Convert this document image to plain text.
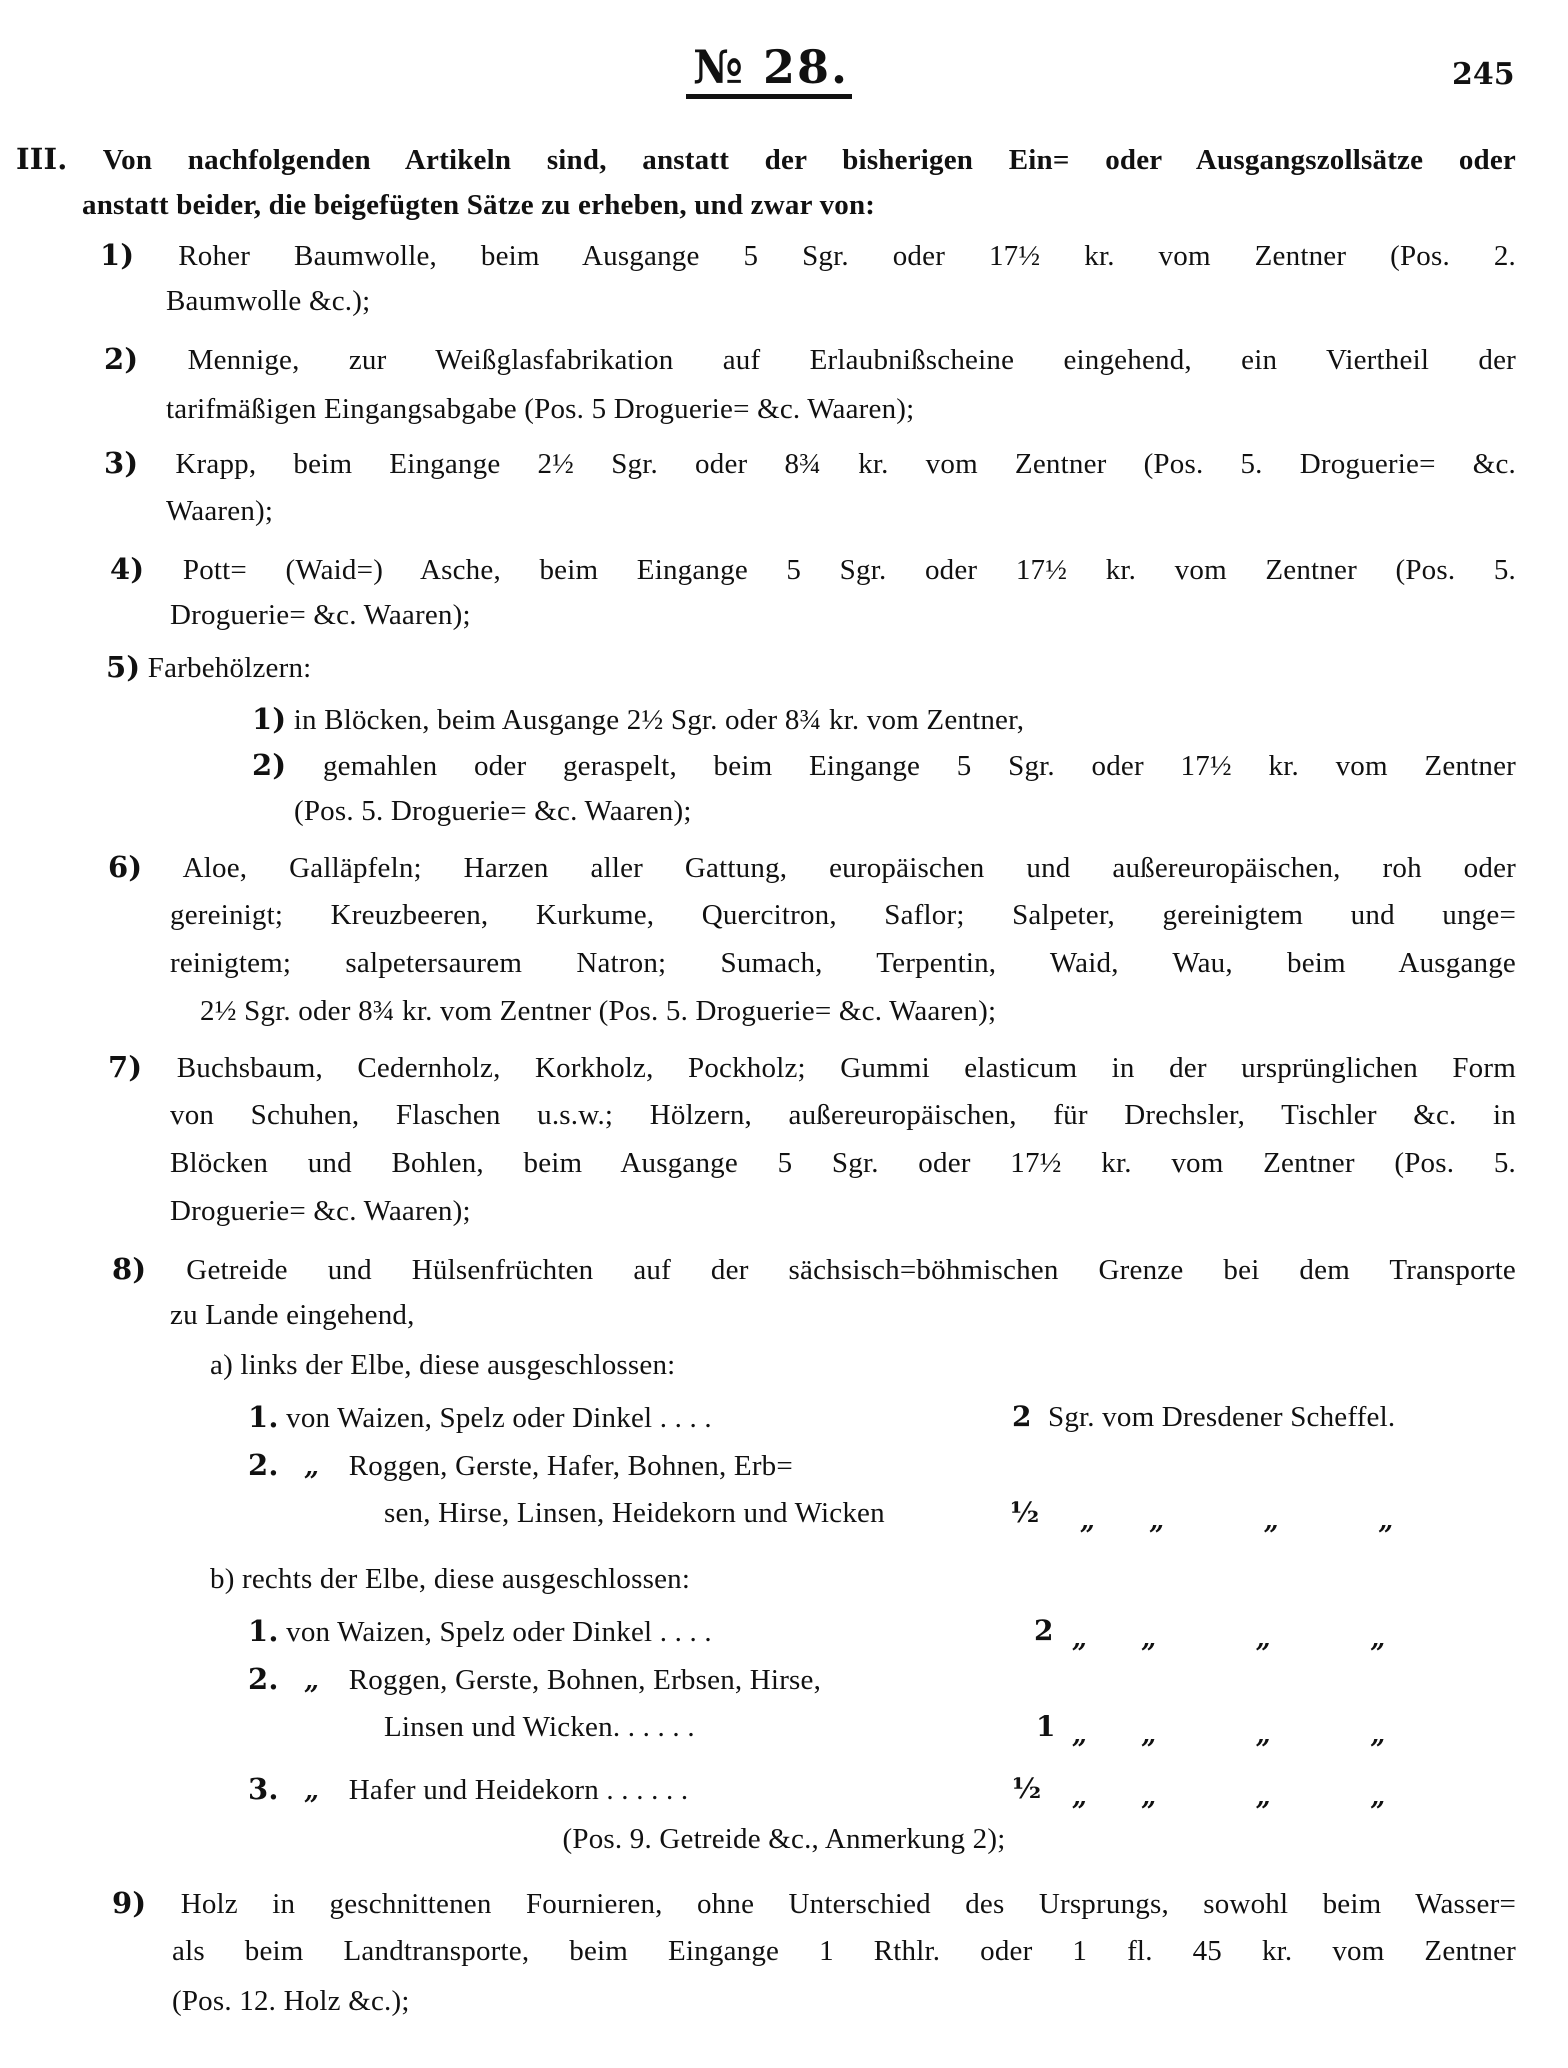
№ 28.	245
III. Von nachfolgenden Artikeln sind, anstatt der bisherigen Ein= oder Ausgangszollsätze oder
anstatt beider, die beigefügten Sätze zu erheben, und zwar von:
1) Roher Baumwolle, beim Ausgange 5 Sgr. oder 17½ kr. vom Zentner (Pos. 2.
Baumwolle &c.);
2) Mennige, zur Weißglasfabrikation auf Erlaubnißscheine eingehend, ein Viertheil der
tarifmäßigen Eingangsabgabe (Pos. 5 Droguerie= &c. Waaren);
3) Krapp, beim Eingange 2½ Sgr. oder 8¾ kr. vom Zentner (Pos. 5. Droguerie= &c.
Waaren);
4) Pott= (Waid=) Asche, beim Eingange 5 Sgr. oder 17½ kr. vom Zentner (Pos. 5.
Droguerie= &c. Waaren);
5) Farbehölzern:
1) in Blöcken, beim Ausgange 2½ Sgr. oder 8¾ kr. vom Zentner,
2) gemahlen oder geraspelt, beim Eingange 5 Sgr. oder 17½ kr. vom Zentner
(Pos. 5. Droguerie= &c. Waaren);
6) Aloe, Galläpfeln; Harzen aller Gattung, europäischen und außereuropäischen, roh oder
gereinigt; Kreuzbeeren, Kurkume, Quercitron, Saflor; Salpeter, gereinigtem und unge=
reinigtem; salpetersaurem Natron; Sumach, Terpentin, Waid, Wau, beim Ausgange
2½ Sgr. oder 8¾ kr. vom Zentner (Pos. 5. Droguerie= &c. Waaren);
7) Buchsbaum, Cedernholz, Korkholz, Pockholz; Gummi elasticum in der ursprünglichen Form
von Schuhen, Flaschen u.s.w.; Hölzern, außereuropäischen, für Drechsler, Tischler &c. in
Blöcken und Bohlen, beim Ausgange 5 Sgr. oder 17½ kr. vom Zentner (Pos. 5.
Droguerie= &c. Waaren);
8) Getreide und Hülsenfrüchten auf der sächsisch=böhmischen Grenze bei dem Transporte
zu Lande eingehend,
a) links der Elbe, diese ausgeschlossen:
1. von Waizen, Spelz oder Dinkel . . . .	2 Sgr. vom Dresdener Scheffel.
2. „ Roggen, Gerste, Hafer, Bohnen, Erb=
sen, Hirse, Linsen, Heidekorn und Wicken	½ „      „           „           „
b) rechts der Elbe, diese ausgeschlossen:
1. von Waizen, Spelz oder Dinkel . . . .	2 „      „           „           „
2. „ Roggen, Gerste, Bohnen, Erbsen, Hirse,
Linsen und Wicken. . . . . .	1 „      „           „           „
3. „ Hafer und Heidekorn . . . . . .	½ „      „           „           „
(Pos. 9. Getreide &c., Anmerkung 2);
9) Holz in geschnittenen Fournieren, ohne Unterschied des Ursprungs, sowohl beim Wasser=
als beim Landtransporte, beim Eingange 1 Rthlr. oder 1 fl. 45 kr. vom Zentner
(Pos. 12. Holz &c.);
